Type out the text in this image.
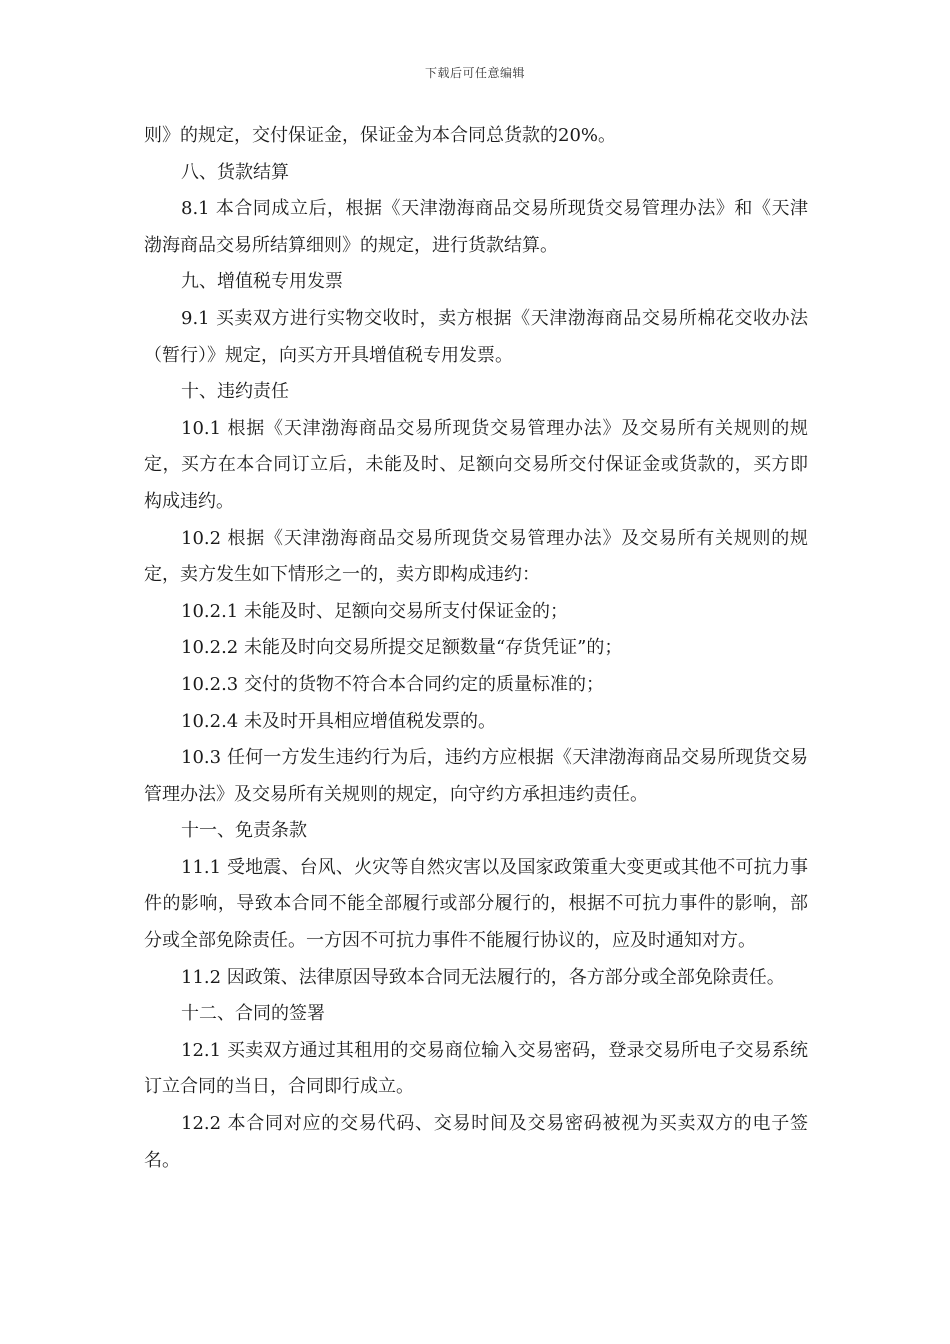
下载后可任意编辑

则》的规定，交付保证金，保证金为本合同总货款的20%。

八、货款结算

8.1 本合同成立后，根据《天津渤海商品交易所现货交易管理办法》和《天津渤海商品交易所结算细则》的规定，进行货款结算。

九、增值税专用发票

9.1 买卖双方进行实物交收时，卖方根据《天津渤海商品交易所棉花交收办法（暂行）》规定，向买方开具增值税专用发票。

十、违约责任

10.1 根据《天津渤海商品交易所现货交易管理办法》及交易所有关规则的规定，买方在本合同订立后，未能及时、足额向交易所交付保证金或货款的，买方即构成违约。

10.2 根据《天津渤海商品交易所现货交易管理办法》及交易所有关规则的规定，卖方发生如下情形之一的，卖方即构成违约：

10.2.1 未能及时、足额向交易所支付保证金的；

10.2.2 未能及时向交易所提交足额数量“存货凭证”的；

10.2.3 交付的货物不符合本合同约定的质量标准的；

10.2.4 未及时开具相应增值税发票的。

10.3 任何一方发生违约行为后，违约方应根据《天津渤海商品交易所现货交易管理办法》及交易所有关规则的规定，向守约方承担违约责任。

十一、免责条款

11.1 受地震、台风、火灾等自然灾害以及国家政策重大变更或其他不可抗力事件的影响，导致本合同不能全部履行或部分履行的，根据不可抗力事件的影响，部分或全部免除责任。一方因不可抗力事件不能履行协议的，应及时通知对方。

11.2 因政策、法律原因导致本合同无法履行的，各方部分或全部免除责任。

十二、合同的签署

12.1 买卖双方通过其租用的交易商位输入交易密码，登录交易所电子交易系统订立合同的当日，合同即行成立。

12.2 本合同对应的交易代码、交易时间及交易密码被视为买卖双方的电子签名。
